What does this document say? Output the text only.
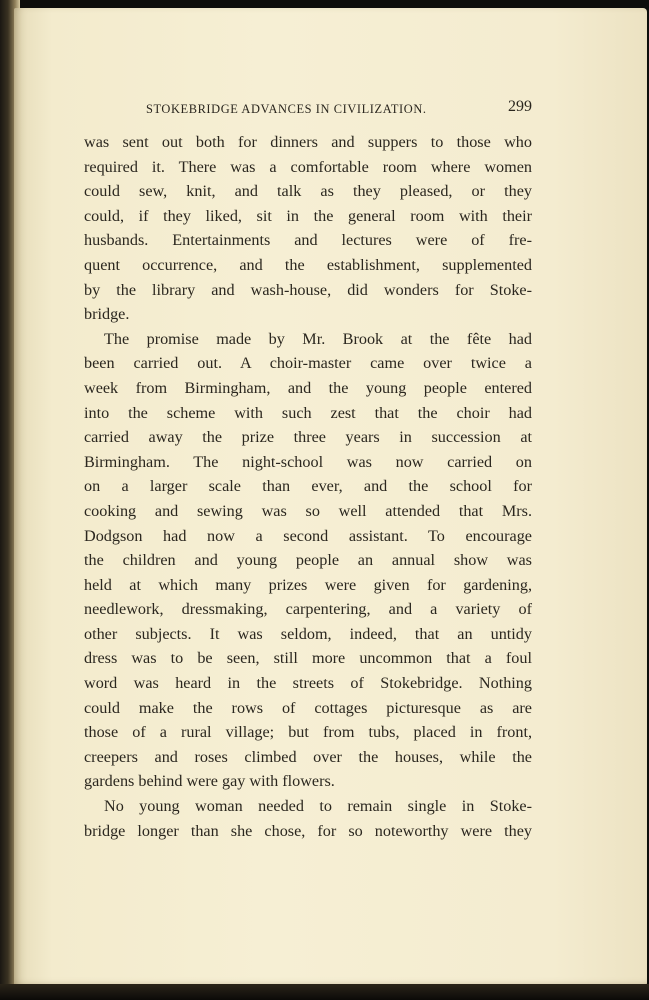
STOKEBRIDGE ADVANCES IN CIVILIZATION.	299
was sent out both for dinners and suppers to those who
required it. There was a comfortable room where women
could sew, knit, and talk as they pleased, or they
could, if they liked, sit in the general room with their
husbands. Entertainments and lectures were of fre-
quent occurrence, and the establishment, supplemented
by the library and wash-house, did wonders for Stoke-
bridge.
The promise made by Mr. Brook at the fête had
been carried out. A choir-master came over twice a
week from Birmingham, and the young people entered
into the scheme with such zest that the choir had
carried away the prize three years in succession at
Birmingham. The night-school was now carried on
on a larger scale than ever, and the school for
cooking and sewing was so well attended that Mrs.
Dodgson had now a second assistant. To encourage
the children and young people an annual show was
held at which many prizes were given for gardening,
needlework, dressmaking, carpentering, and a variety of
other subjects. It was seldom, indeed, that an untidy
dress was to be seen, still more uncommon that a foul
word was heard in the streets of Stokebridge. Nothing
could make the rows of cottages picturesque as are
those of a rural village; but from tubs, placed in front,
creepers and roses climbed over the houses, while the
gardens behind were gay with flowers.
No young woman needed to remain single in Stoke-
bridge longer than she chose, for so noteworthy were they
